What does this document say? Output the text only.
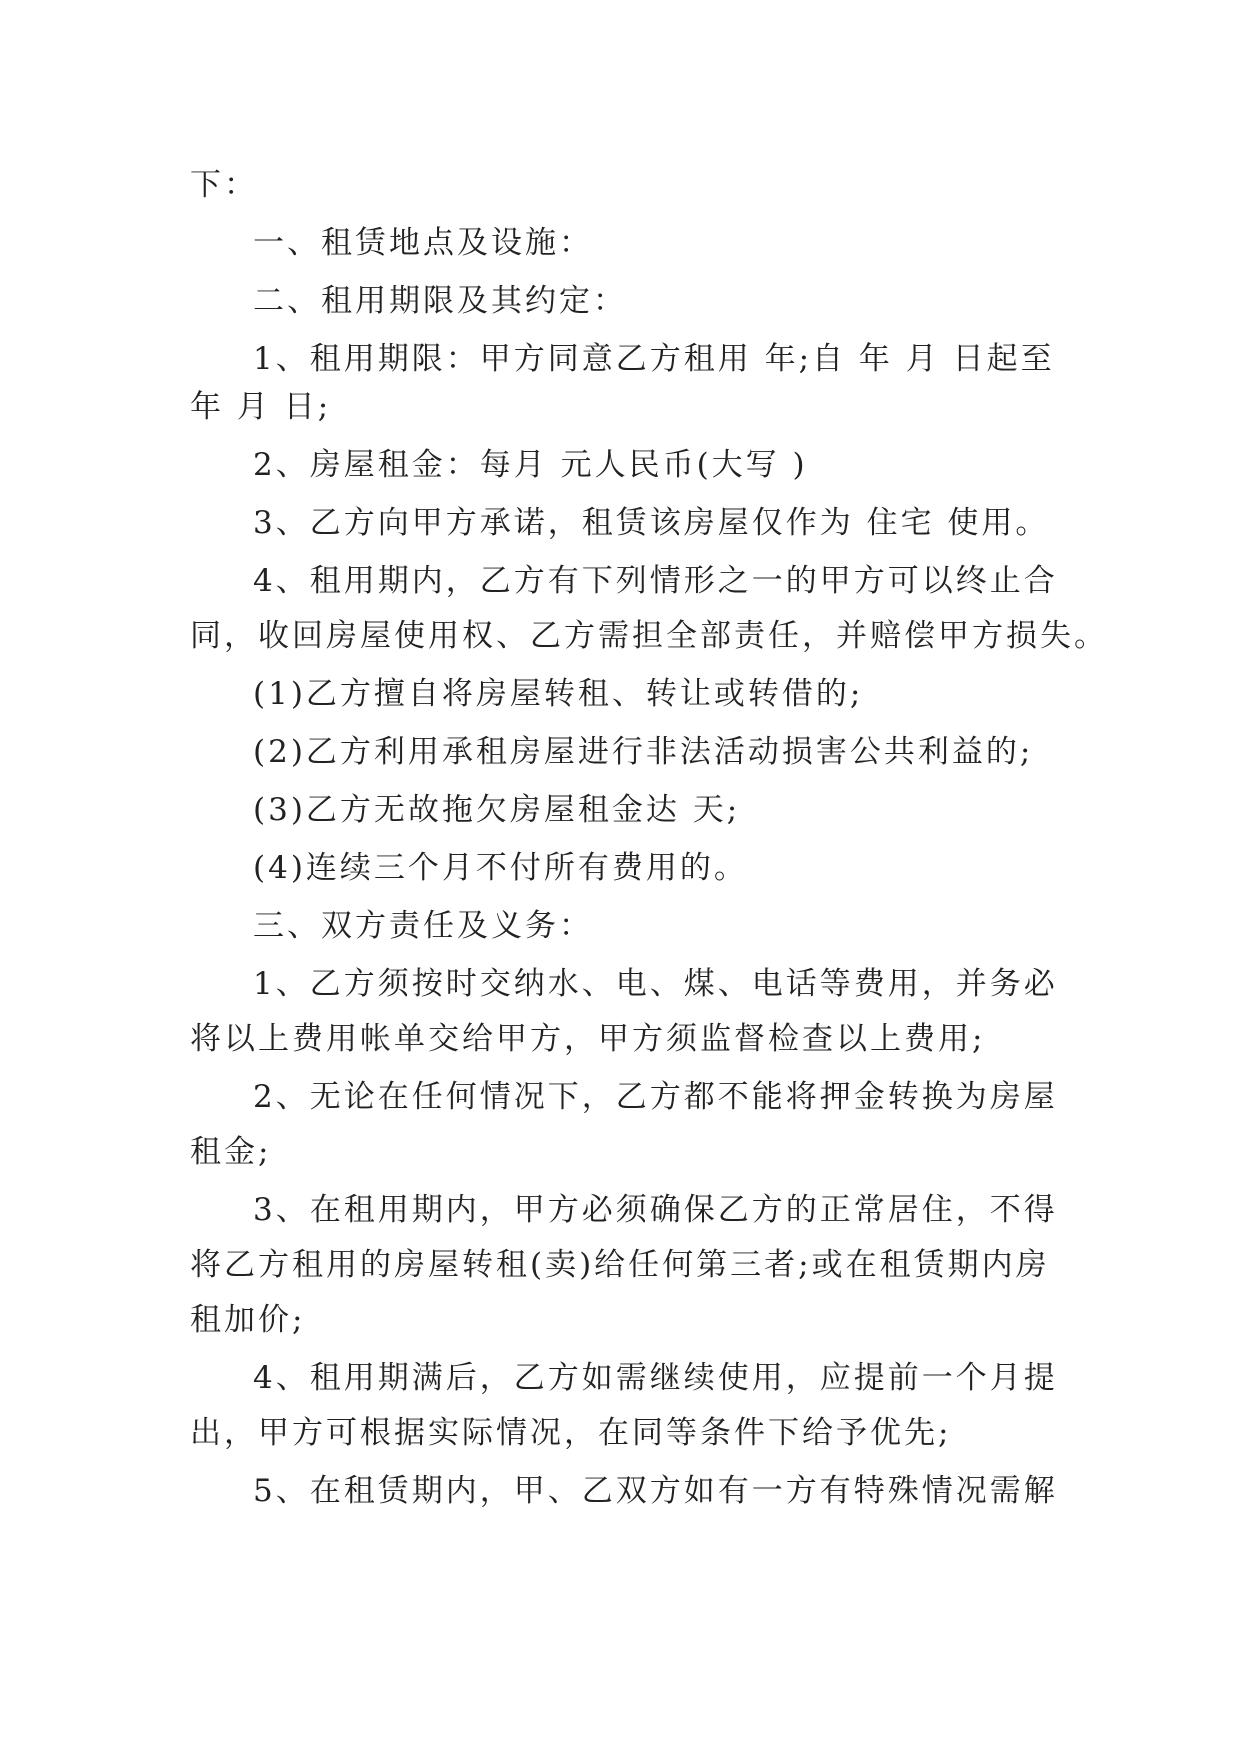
下：
一、租赁地点及设施：
二、租用期限及其约定：
1、租用期限：甲方同意乙方租用 年;自 年 月 日起至
年 月 日;
2、房屋租金：每月 元人民币(大写 )
3、乙方向甲方承诺，租赁该房屋仅作为 住宅 使用。
4、租用期内，乙方有下列情形之一的甲方可以终止合
同，收回房屋使用权、乙方需担全部责任，并赔偿甲方损失。
(1)乙方擅自将房屋转租、转让或转借的;
(2)乙方利用承租房屋进行非法活动损害公共利益的;
(3)乙方无故拖欠房屋租金达 天;
(4)连续三个月不付所有费用的。
三、双方责任及义务：
1、乙方须按时交纳水、电、煤、电话等费用，并务必
将以上费用帐单交给甲方，甲方须监督检查以上费用;
2、无论在任何情况下，乙方都不能将押金转换为房屋
租金;
3、在租用期内，甲方必须确保乙方的正常居住，不得
将乙方租用的房屋转租(卖)给任何第三者;或在租赁期内房
租加价;
4、租用期满后，乙方如需继续使用，应提前一个月提
出，甲方可根据实际情况，在同等条件下给予优先;
5、在租赁期内，甲、乙双方如有一方有特殊情况需解
